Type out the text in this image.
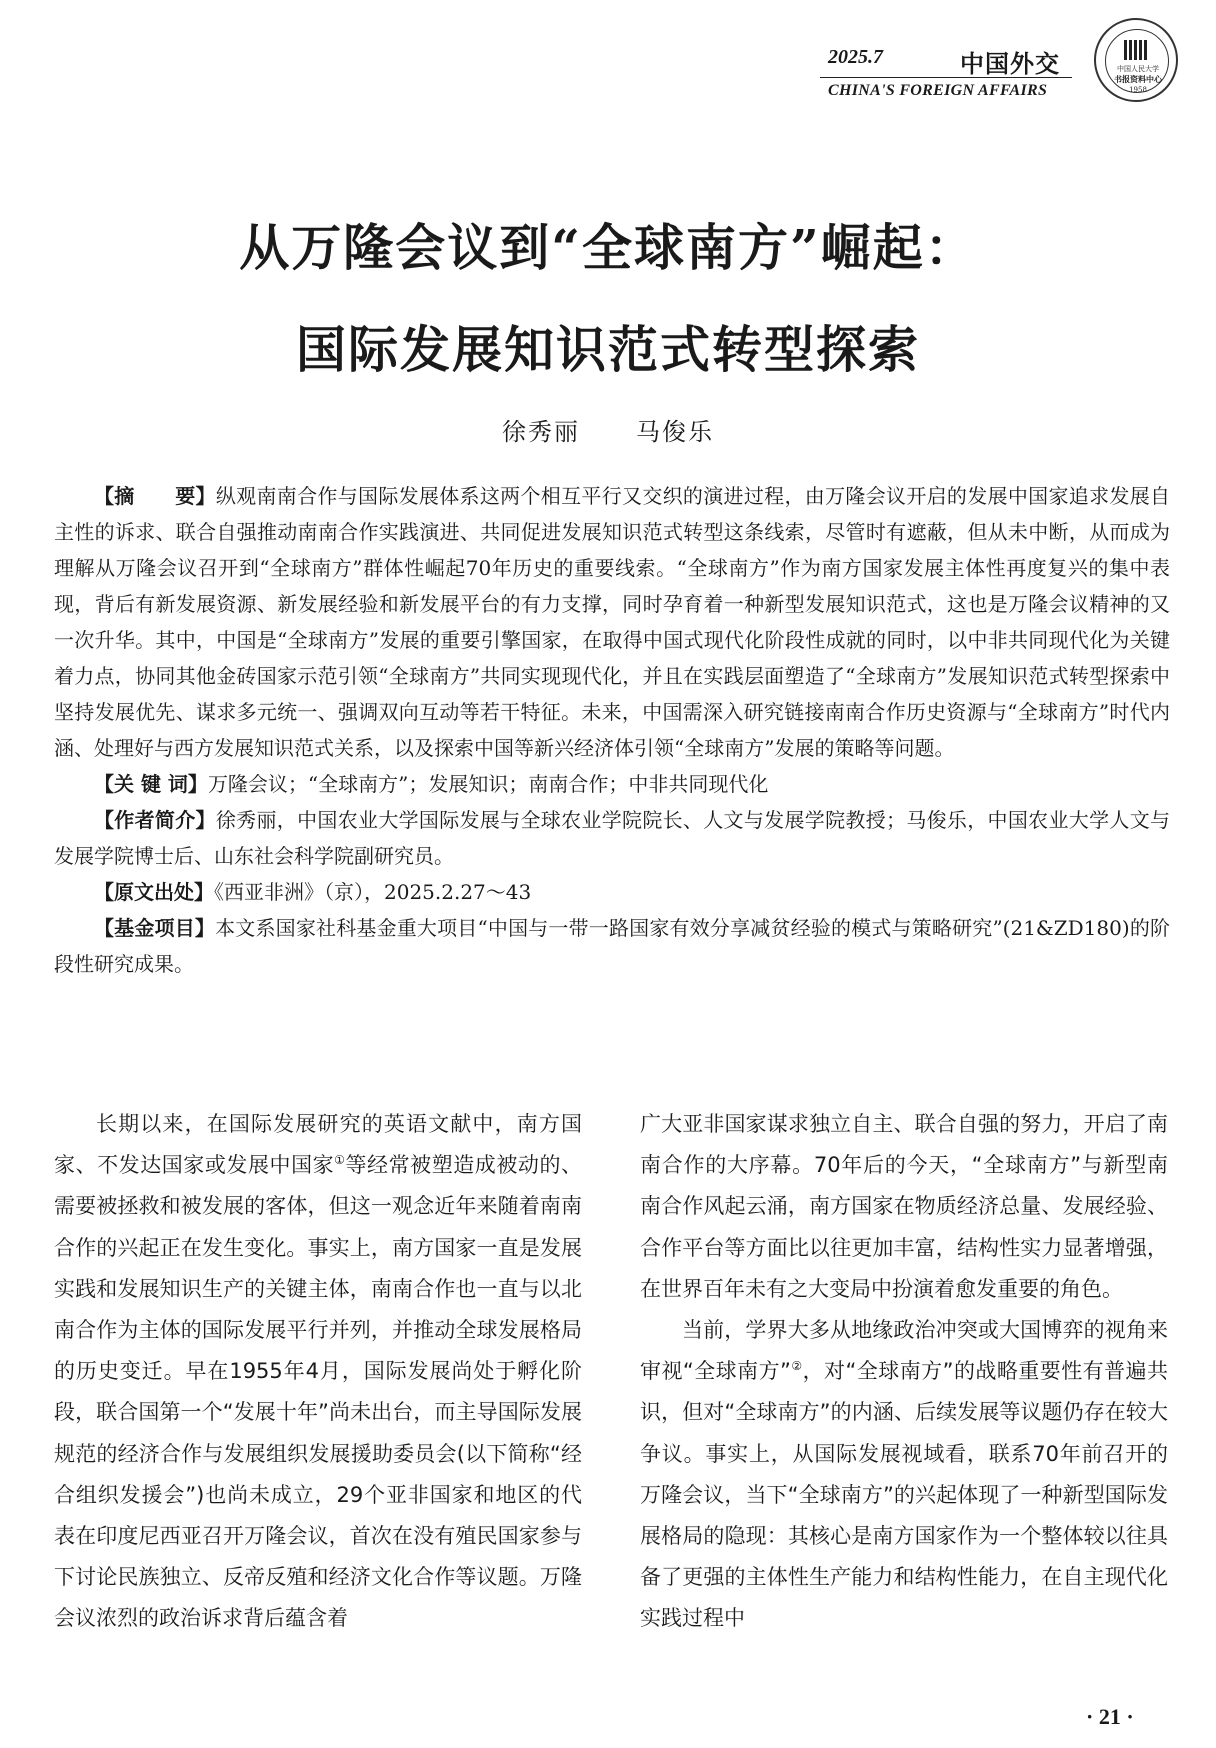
2025.7	中国外交
CHINA'S FOREIGN AFFAIRS
中国人民大学
书报资料中心
1958
从万隆会议到“全球南方”崛起：
国际发展知识范式转型探索
徐秀丽 马俊乐

【摘　　要】纵观南南合作与国际发展体系这两个相互平行又交织的演进过程，由万隆会议开启的发展中国家追求发展自主性的诉求、联合自强推动南南合作实践演进、共同促进发展知识范式转型这条线索，尽管时有遮蔽，但从未中断，从而成为理解从万隆会议召开到“全球南方”群体性崛起70年历史的重要线索。“全球南方”作为南方国家发展主体性再度复兴的集中表现，背后有新发展资源、新发展经验和新发展平台的有力支撑，同时孕育着一种新型发展知识范式，这也是万隆会议精神的又一次升华。其中，中国是“全球南方”发展的重要引擎国家，在取得中国式现代化阶段性成就的同时，以中非共同现代化为关键着力点，协同其他金砖国家示范引领“全球南方”共同实现现代化，并且在实践层面塑造了“全球南方”发展知识范式转型探索中坚持发展优先、谋求多元统一、强调双向互动等若干特征。未来，中国需深入研究链接南南合作历史资源与“全球南方”时代内涵、处理好与西方发展知识范式关系，以及探索中国等新兴经济体引领“全球南方”发展的策略等问题。

【关 键 词】万隆会议；“全球南方”；发展知识；南南合作；中非共同现代化

【作者简介】徐秀丽，中国农业大学国际发展与全球农业学院院长、人文与发展学院教授；马俊乐，中国农业大学人文与发展学院博士后、山东社会科学院副研究员。

【原文出处】《西亚非洲》（京），2025.2.27～43

【基金项目】本文系国家社科基金重大项目“中国与一带一路国家有效分享减贫经验的模式与策略研究”(21&ZD180)的阶段性研究成果。

长期以来，在国际发展研究的英语文献中，南方国家、不发达国家或发展中国家①等经常被塑造成被动的、需要被拯救和被发展的客体，但这一观念近年来随着南南合作的兴起正在发生变化。事实上，南方国家一直是发展实践和发展知识生产的关键主体，南南合作也一直与以北南合作为主体的国际发展平行并列，并推动全球发展格局的历史变迁。早在1955年4月，国际发展尚处于孵化阶段，联合国第一个“发展十年”尚未出台，而主导国际发展规范的经济合作与发展组织发展援助委员会(以下简称“经合组织发援会”)也尚未成立，29个亚非国家和地区的代表在印度尼西亚召开万隆会议，首次在没有殖民国家参与下讨论民族独立、反帝反殖和经济文化合作等议题。万隆会议浓烈的政治诉求背后蕴含着

广大亚非国家谋求独立自主、联合自强的努力，开启了南南合作的大序幕。70年后的今天，“全球南方”与新型南南合作风起云涌，南方国家在物质经济总量、发展经验、合作平台等方面比以往更加丰富，结构性实力显著增强，在世界百年未有之大变局中扮演着愈发重要的角色。

当前，学界大多从地缘政治冲突或大国博弈的视角来审视“全球南方”②，对“全球南方”的战略重要性有普遍共识，但对“全球南方”的内涵、后续发展等议题仍存在较大争议。事实上，从国际发展视域看，联系70年前召开的万隆会议，当下“全球南方”的兴起体现了一种新型国际发展格局的隐现：其核心是南方国家作为一个整体较以往具备了更强的主体性生产能力和结构性能力，在自主现代化实践过程中

· 21 ·
